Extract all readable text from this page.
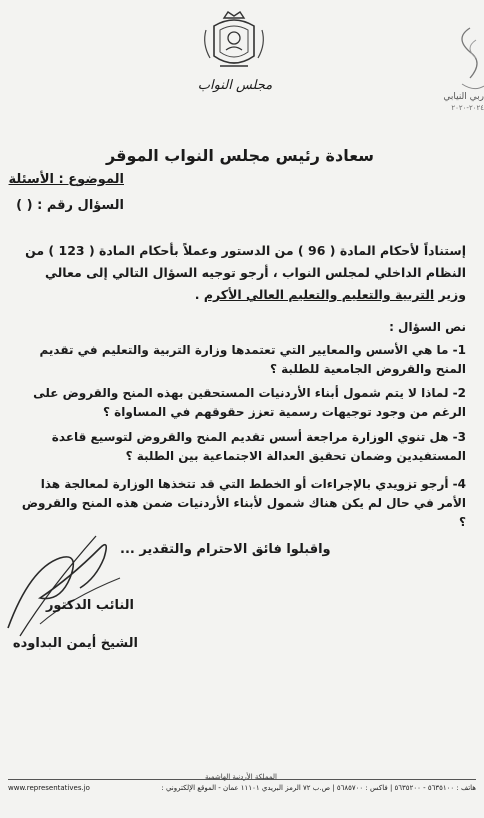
مجلس النواب
ربي النيابي
٢٠٢٤-٢٠٢٠
سعادة رئيس مجلس النواب الموقر
الموضوع : الأسئلة
السؤال رقم : ( )
إستناداً لأحكام المادة ( 96 ) من الدستور وعملاً بأحكام المادة ( 123 ) من النظام الداخلي لمجلس النواب ، أرجو توجيه السؤال التالي إلى معالي وزير التربية والتعليم والتعليم العالي الأكرم .
نص السؤال :
1- ما هي الأسس والمعايير التي تعتمدها وزارة التربية والتعليم في تقديم المنح والقروض الجامعية للطلبة ؟
2- لماذا لا يتم شمول أبناء الأردنيات المستحقين بهذه المنح والقروض على الرغم من وجود توجيهات رسمية تعزز حقوقهم في المساواة ؟
3- هل تنوي الوزارة مراجعة أسس تقديم المنح والقروض لتوسيع قاعدة المستفيدين وضمان تحقيق العدالة الاجتماعية بين الطلبة ؟
4- أرجو تزويدي بالإجراءات أو الخطط التي قد تتخذها الوزارة لمعالجة هذا الأمر في حال لم يكن هناك شمول لأبناء الأردنيات ضمن هذه المنح والقروض ؟
واقبلوا فائق الاحترام والتقدير ...
النائب الدكتور
الشيخ أيمن البداوده
المملكة الأردنية الهاشمية
هاتف : ٥٦٣٥١٠٠ - ٥٦٣٥٢٠٠ | فاكس : ٥٦٨٥٧٠٠ | ص.ب ٧٢ الرمز البريدي ١١١٠١ عمان - الموقع الإلكتروني :
www.representatives.jo
